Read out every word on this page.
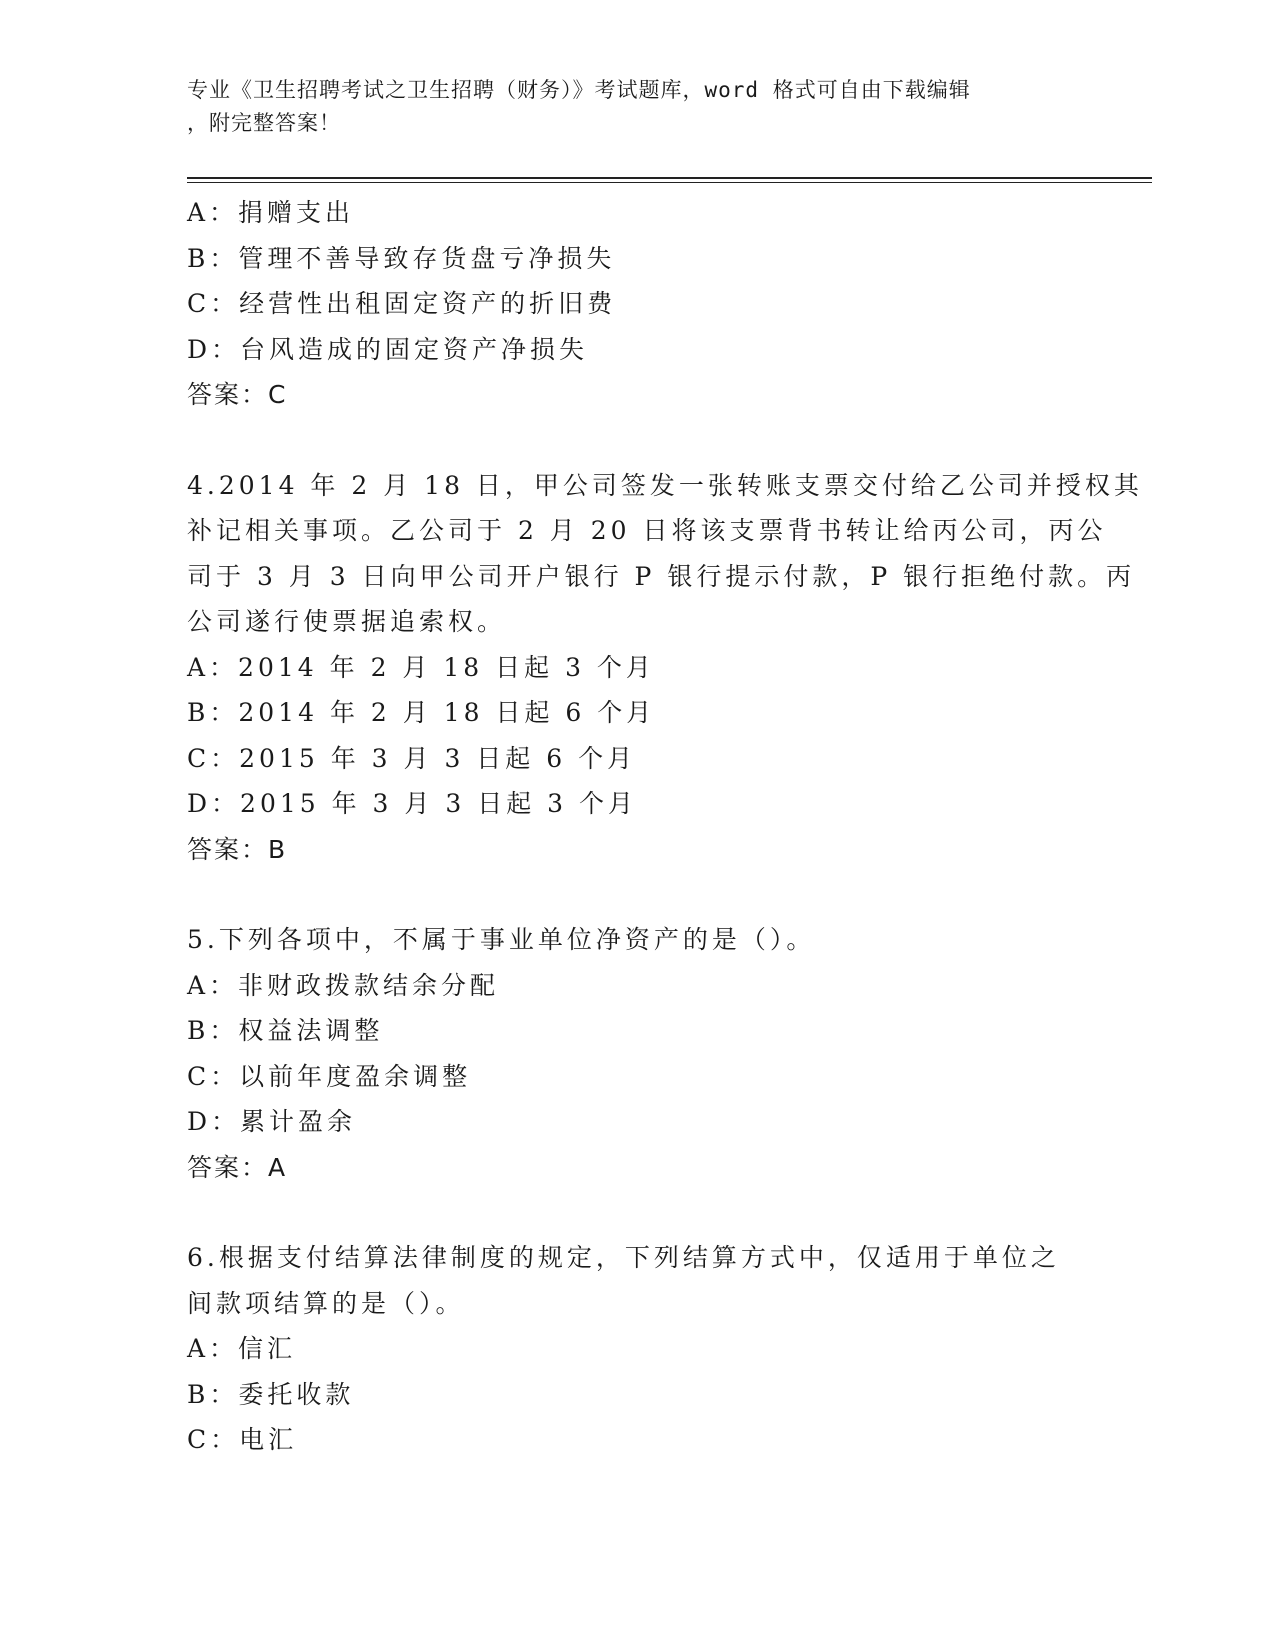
专业《卫生招聘考试之卫生招聘（财务）》考试题库，word 格式可自由下载编辑
，附完整答案！
A：捐赠支出
B：管理不善导致存货盘亏净损失
C：经营性出租固定资产的折旧费
D：台风造成的固定资产净损失
答案：C
4.2014 年 2 月 18 日，甲公司签发一张转账支票交付给乙公司并授权其
补记相关事项。乙公司于 2 月 20 日将该支票背书转让给丙公司，丙公
司于 3 月 3 日向甲公司开户银行 P 银行提示付款，P 银行拒绝付款。丙
公司遂行使票据追索权。
A：2014 年 2 月 18 日起 3 个月
B：2014 年 2 月 18 日起 6 个月
C：2015 年 3 月 3 日起 6 个月
D：2015 年 3 月 3 日起 3 个月
答案：B
5.下列各项中，不属于事业单位净资产的是（）。
A：非财政拨款结余分配
B：权益法调整
C：以前年度盈余调整
D：累计盈余
答案：A
6.根据支付结算法律制度的规定，下列结算方式中，仅适用于单位之
间款项结算的是（）。
A：信汇
B：委托收款
C：电汇
